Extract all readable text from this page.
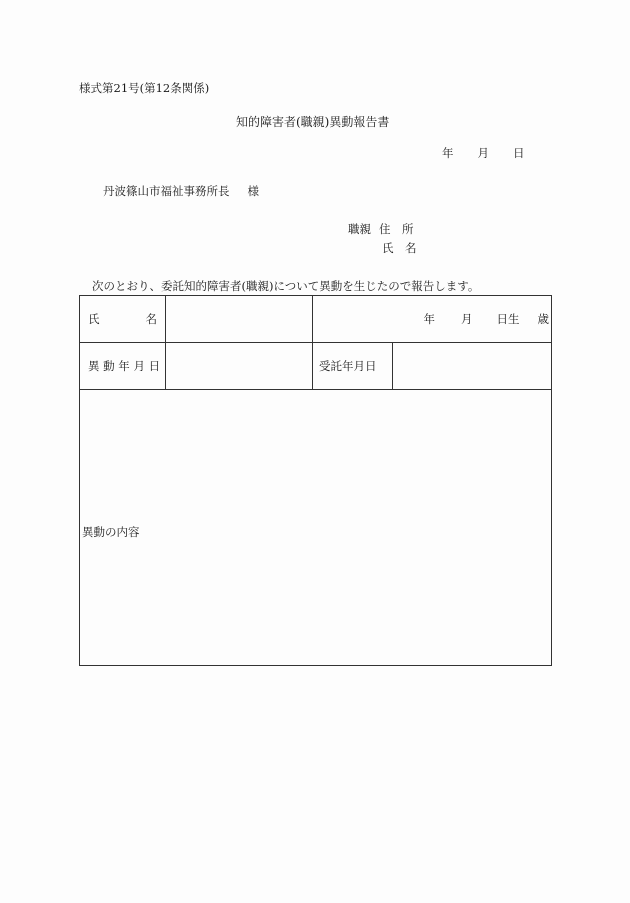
様式第21号(第12条関係)
知的障害者(職親)異動報告書
年 月 日
丹波篠山市福祉事務所長 様
職親 住　所
氏　名
次のとおり、委託知的障害者(職親)について異動を生じたので報告します。
氏 名		年 月 日生 歳	
異 動 年 月 日		受託年月日	

異動の内容			
